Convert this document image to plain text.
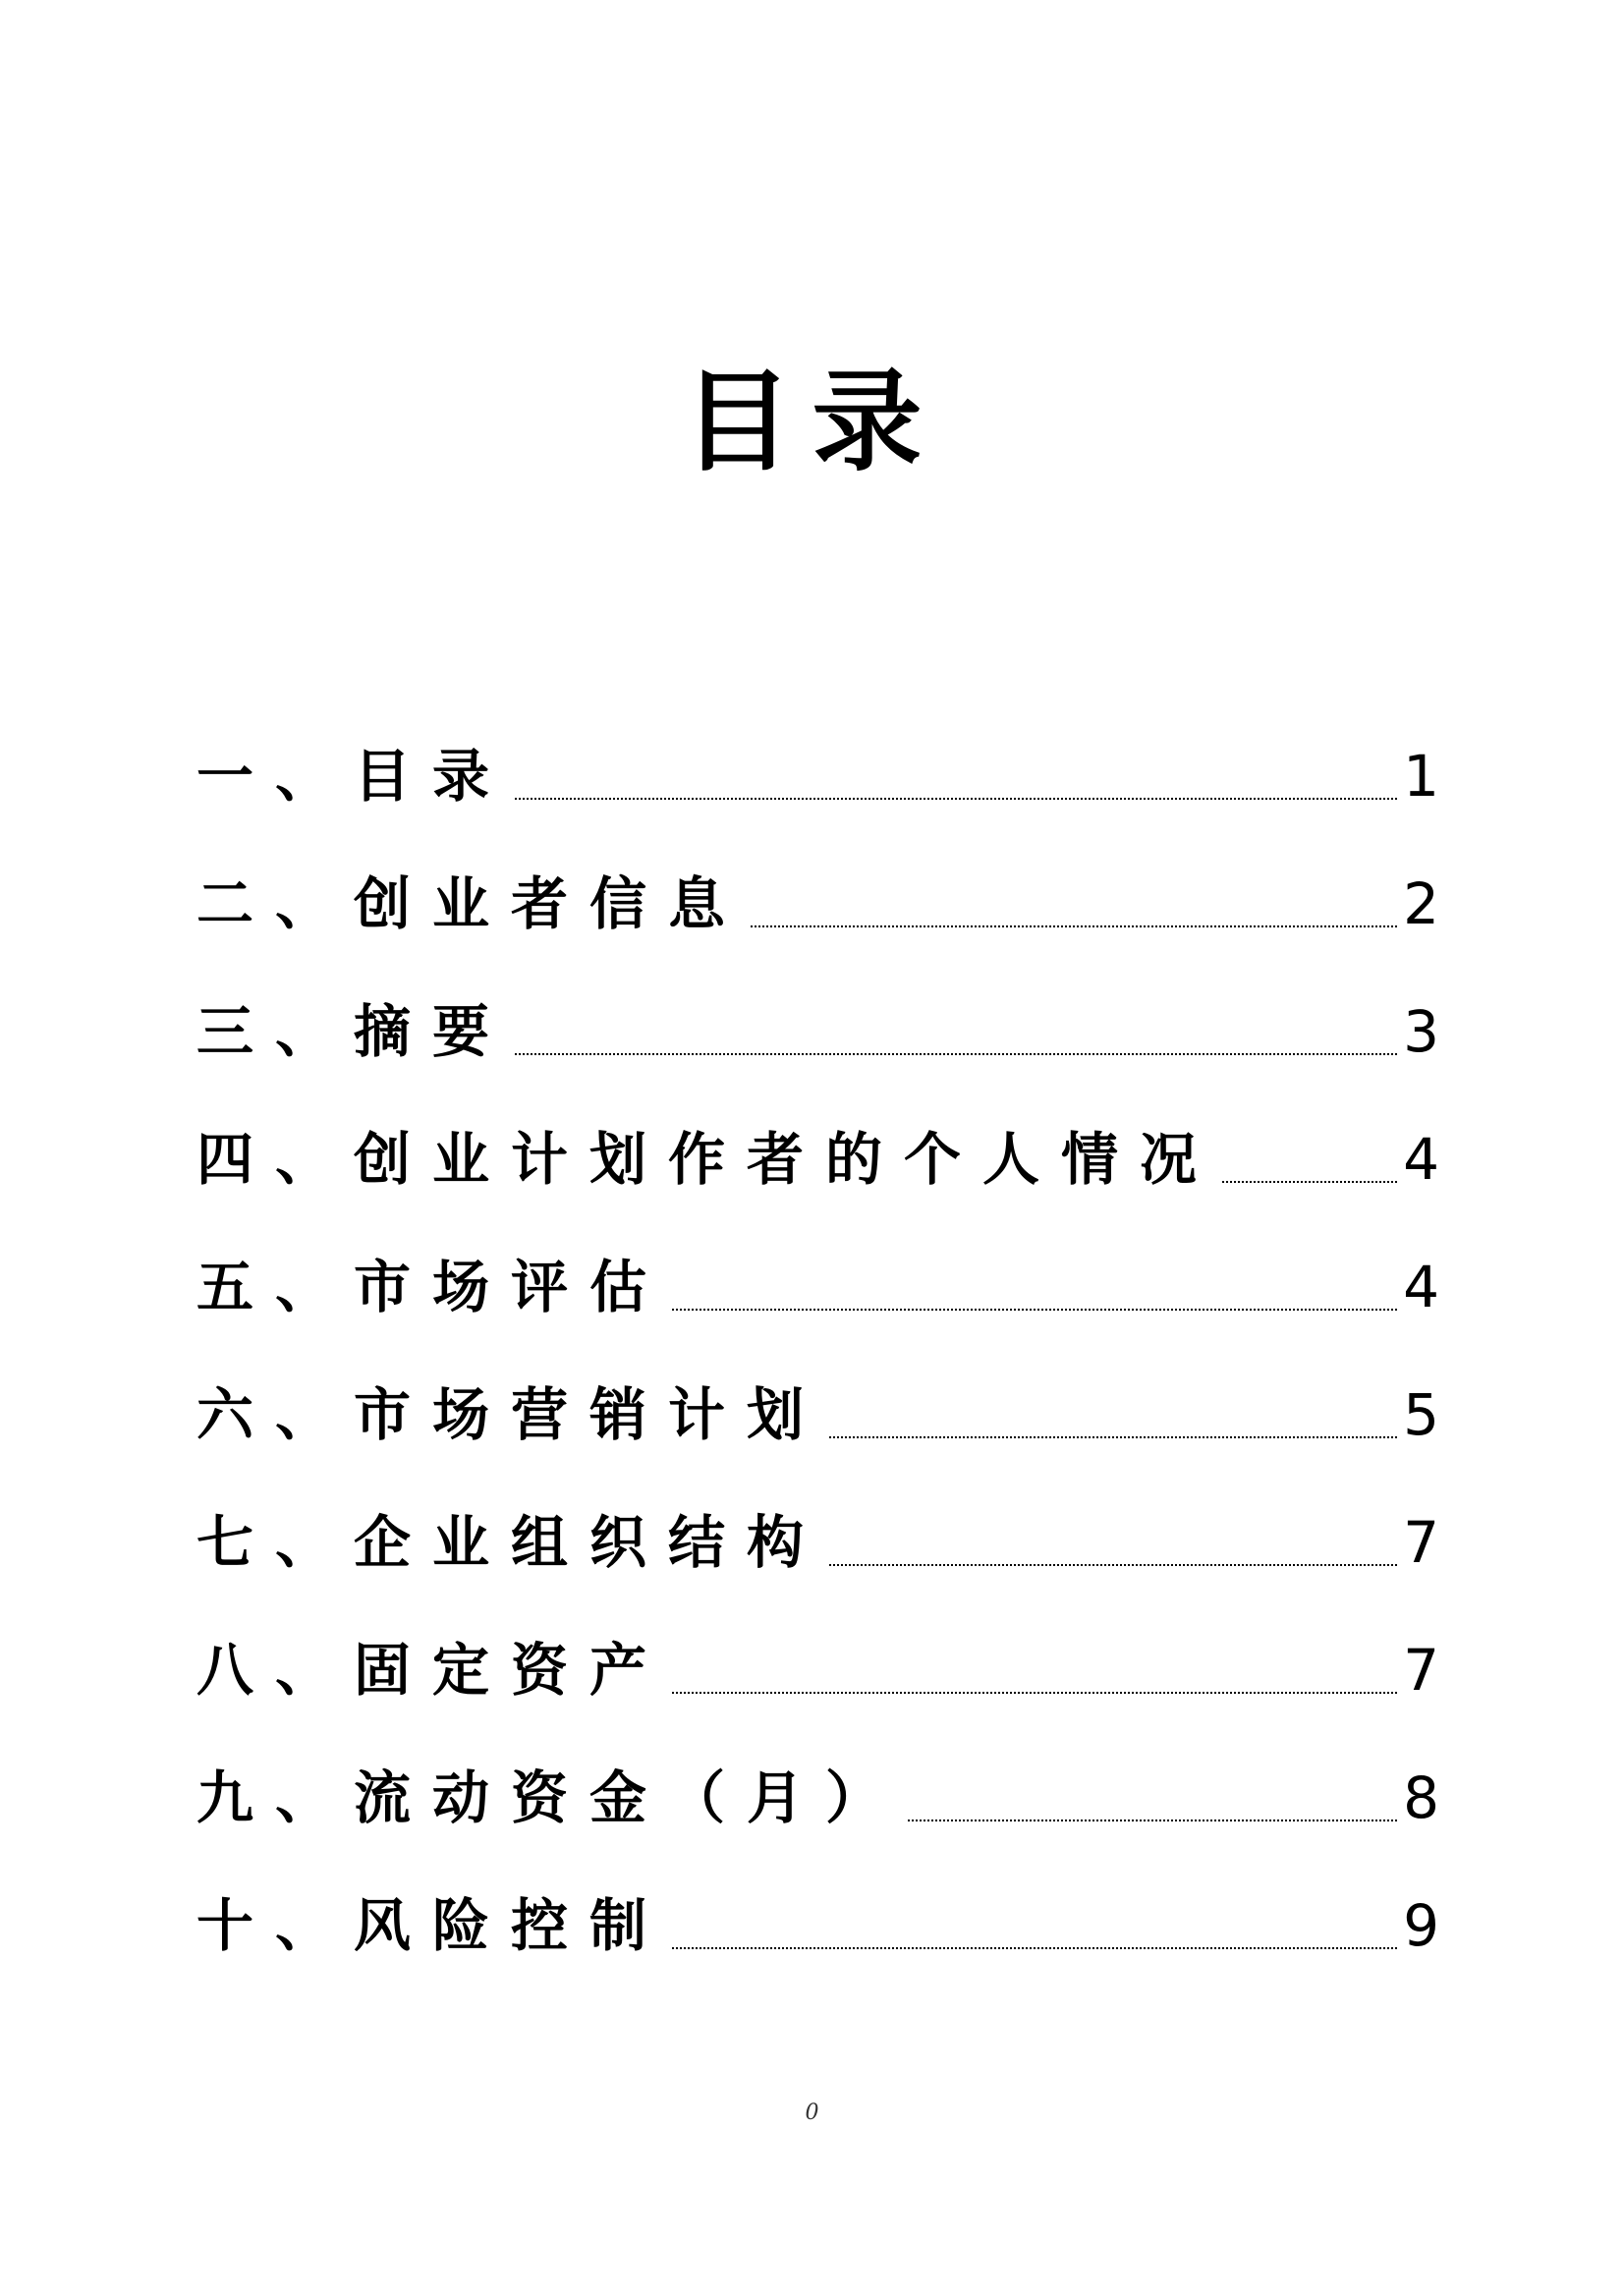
目录
一、目录	1
二、创业者信息	2
三、摘要	3
四、创业计划作者的个人情况	4
五、市场评估	4
六、市场营销计划	5
七、企业组织结构	7
八、固定资产	7
九、流动资金（月）	8
十、风险控制	9
0
